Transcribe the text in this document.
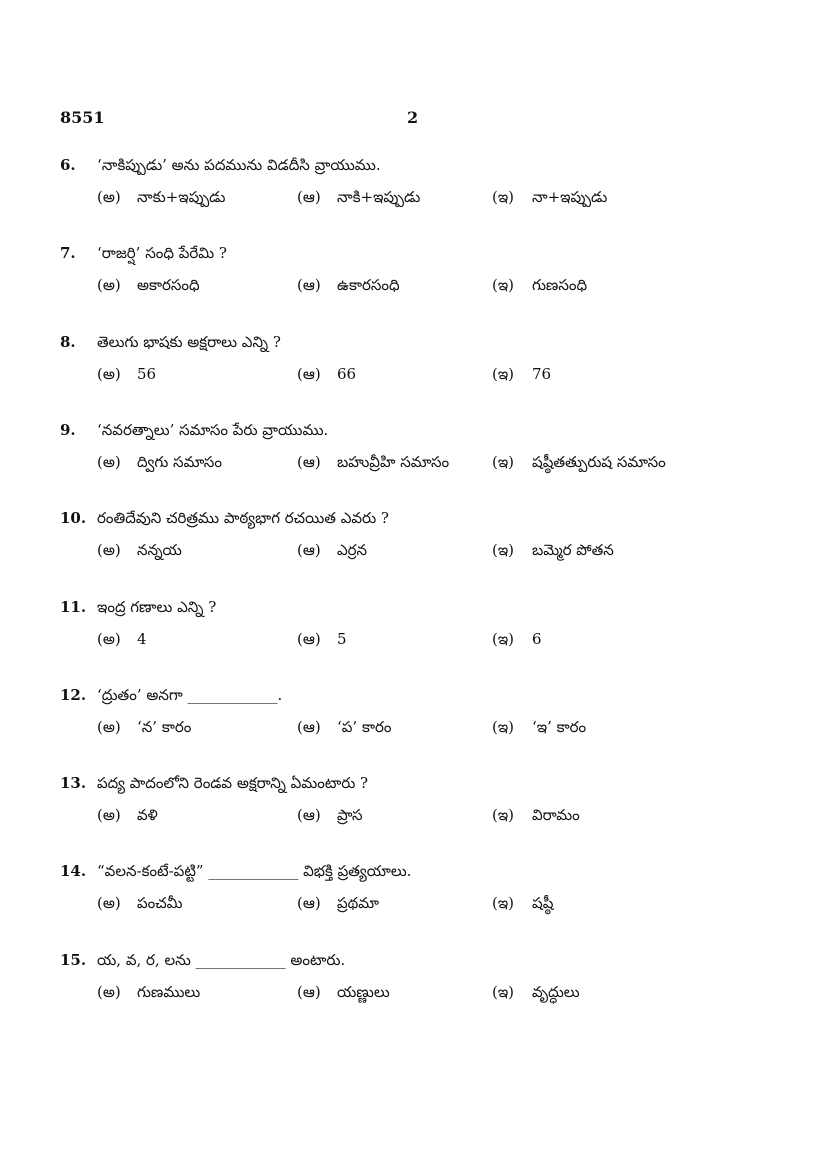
8551	2
6. ‘నాకిప్పుడు’ అను పదమును విడదీసి వ్రాయుము.
(అ) నాకు+ఇప్పుడు	(ఆ) నాకి+ఇప్పుడు	(ఇ) నా+ఇప్పుడు
7. ‘రాజర్షి’ సంధి పేరేమి ?
(అ) అకారసంధి	(ఆ) ఉకారసంధి	(ఇ) గుణసంధి
8. తెలుగు భాషకు అక్షరాలు ఎన్ని ?
(అ) 56	(ఆ) 66	(ఇ) 76
9. ‘నవరత్నాలు’ సమాసం పేరు వ్రాయుము.
(అ) ద్విగు సమాసం	(ఆ) బహువ్రీహి సమాసం	(ఇ) షష్ఠీతత్పురుష సమాసం
10. రంతిదేవుని చరిత్రము పాఠ్యభాగ రచయిత ఎవరు ?
(అ) నన్నయ	(ఆ) ఎర్రన	(ఇ) బమ్మెర పోతన
11. ఇంద్ర గణాలు ఎన్ని ?
(అ) 4	(ఆ) 5	(ఇ) 6
12. ‘ద్రుతం’ అనగా ____________.
(అ) ‘న’ కారం	(ఆ) ‘ప’ కారం	(ఇ) ‘ఇ’ కారం
13. పద్య పాదంలోని రెండవ అక్షరాన్ని ఏమంటారు ?
(అ) వళి	(ఆ) ప్రాస	(ఇ) విరామం
14. “వలన-కంటే-పట్టి” ____________ విభక్తి ప్రత్యయాలు.
(అ) పంచమీ	(ఆ) ప్రథమా	(ఇ) షష్ఠీ
15. య, వ, ర, లను ____________ అంటారు.
(అ) గుణములు	(ఆ) యణ్ణులు	(ఇ) వృద్ధులు
